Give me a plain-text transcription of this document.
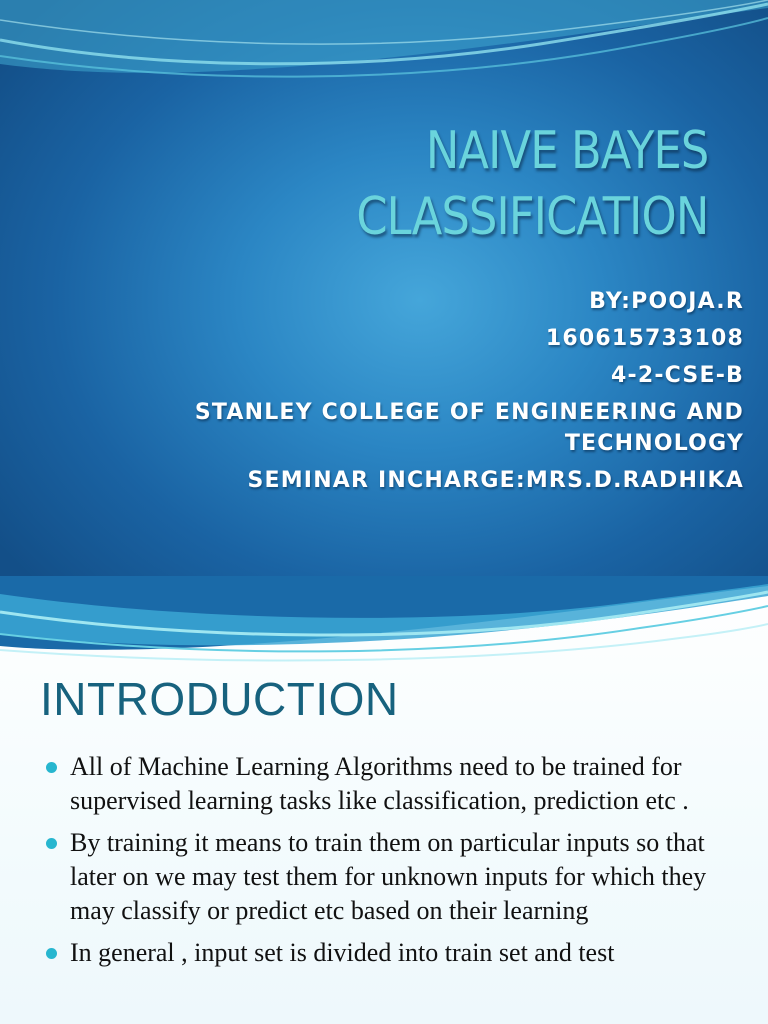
NAIVE BAYES
CLASSIFICATION
BY:POOJA.R
160615733108
4-2-CSE-B
STANLEY COLLEGE OF ENGINEERING AND
TECHNOLOGY
SEMINAR INCHARGE:MRS.D.RADHIKA
INTRODUCTION
All of Machine Learning Algorithms need to be trained for supervised learning tasks like classification, prediction etc .
By training it means to train them on particular inputs so that later on we may test them for unknown inputs for which they may classify or predict etc based on their learning
In general , input set is divided into train set and test
